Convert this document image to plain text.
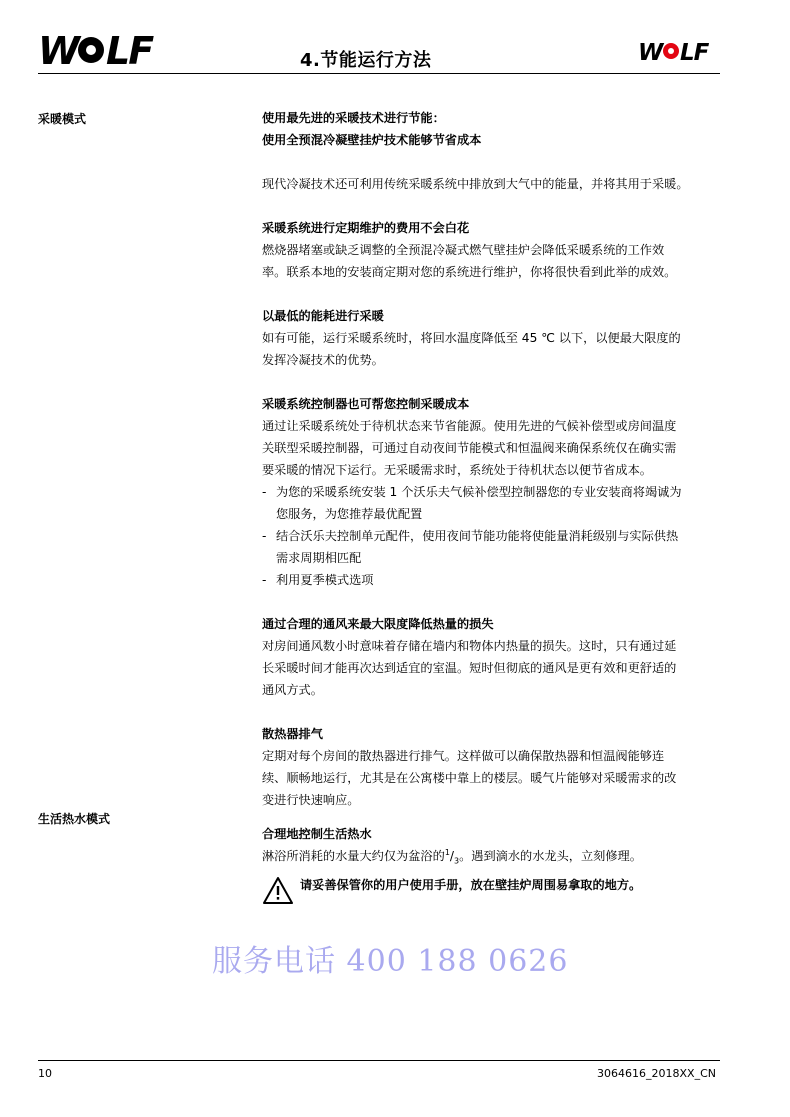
W LF	4.节能运行方法	W LF
采暖模式
生活热水模式

使用最先进的采暖技术进行节能：

使用全预混冷凝壁挂炉技术能够节省成本

现代冷凝技术还可利用传统采暖系统中排放到大气中的能量，并将其用于采暖。

采暖系统进行定期维护的费用不会白花

燃烧器堵塞或缺乏调整的全预混冷凝式燃气壁挂炉会降低采暖系统的工作效

率。联系本地的安装商定期对您的系统进行维护，你将很快看到此举的成效。

以最低的能耗进行采暖

如有可能，运行采暖系统时，将回水温度降低至 45 ℃ 以下，以便最大限度的

发挥冷凝技术的优势。

采暖系统控制器也可帮您控制采暖成本

通过让采暖系统处于待机状态来节省能源。使用先进的气候补偿型或房间温度

关联型采暖控制器，可通过自动夜间节能模式和恒温阀来确保系统仅在确实需

要采暖的情况下运行。无采暖需求时，系统处于待机状态以便节省成本。

- 为您的采暖系统安装 1 个沃乐夫气候补偿型控制器您的专业安装商将竭诚为
您服务，为您推荐最优配置
- 结合沃乐夫控制单元配件，使用夜间节能功能将使能量消耗级别与实际供热
需求周期相匹配
- 利用夏季模式选项

通过合理的通风来最大限度降低热量的损失

对房间通风数小时意味着存储在墙内和物体内热量的损失。这时，只有通过延

长采暖时间才能再次达到适宜的室温。短时但彻底的通风是更有效和更舒适的

通风方式。

散热器排气

定期对每个房间的散热器进行排气。这样做可以确保散热器和恒温阀能够连

续、顺畅地运行，尤其是在公寓楼中靠上的楼层。暖气片能够对采暖需求的改

变进行快速响应。

合理地控制生活热水

淋浴所消耗的水量大约仅为盆浴的$^1/_3$。遇到滴水的水龙头，立刻修理。

请妥善保管你的用户使用手册，放在壁挂炉周围易拿取的地方。
服务电话 400 188 0626
10	3064616_2018XX_CN
